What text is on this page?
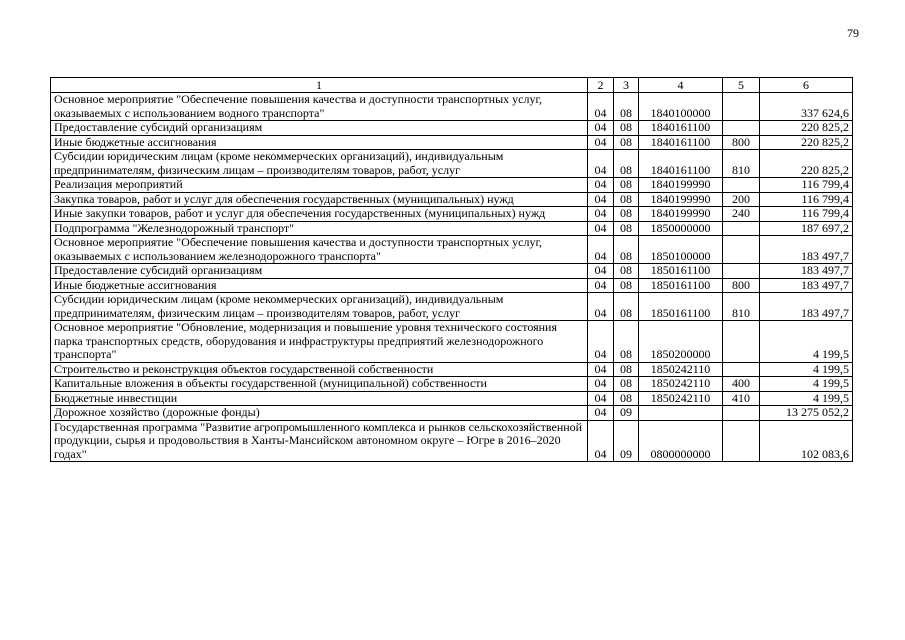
79
1	2	3	4	5	6
Основное мероприятие "Обеспечение повышения качества и доступности транспортных услуг, оказываемых с использованием водного транспорта"	04	08	1840100000		337 624,6
Предоставление субсидий организациям	04	08	1840161100		220 825,2
Иные бюджетные ассигнования	04	08	1840161100	800	220 825,2
Субсидии юридическим лицам (кроме некоммерческих организаций), индивидуальным предпринимателям, физическим лицам – производителям товаров, работ, услуг	04	08	1840161100	810	220 825,2
Реализация мероприятий	04	08	1840199990		116 799,4
Закупка товаров, работ и услуг для обеспечения государственных (муниципальных) нужд	04	08	1840199990	200	116 799,4
Иные закупки товаров, работ и услуг для обеспечения государственных (муниципальных) нужд	04	08	1840199990	240	116 799,4
Подпрограмма "Железнодорожный транспорт"	04	08	1850000000		187 697,2
Основное мероприятие "Обеспечение повышения качества и доступности транспортных услуг, оказываемых с использованием железнодорожного транспорта"	04	08	1850100000		183 497,7
Предоставление субсидий организациям	04	08	1850161100		183 497,7
Иные бюджетные ассигнования	04	08	1850161100	800	183 497,7
Субсидии юридическим лицам (кроме некоммерческих организаций), индивидуальным предпринимателям, физическим лицам – производителям товаров, работ, услуг	04	08	1850161100	810	183 497,7
Основное мероприятие "Обновление, модернизация и повышение уровня технического состояния парка транспортных средств, оборудования и инфраструктуры предприятий железнодорожного транспорта"	04	08	1850200000		4 199,5
Строительство и реконструкция объектов государственной собственности	04	08	1850242110		4 199,5
Капитальные вложения в объекты государственной (муниципальной) собственности	04	08	1850242110	400	4 199,5
Бюджетные инвестиции	04	08	1850242110	410	4 199,5
Дорожное хозяйство (дорожные фонды)	04	09			13 275 052,2
Государственная программа "Развитие агропромышленного комплекса и рынков сельскохозяйственной продукции, сырья и продовольствия в Ханты-Мансийском автономном округе – Югре в 2016–2020 годах"	04	09	0800000000		102 083,6
